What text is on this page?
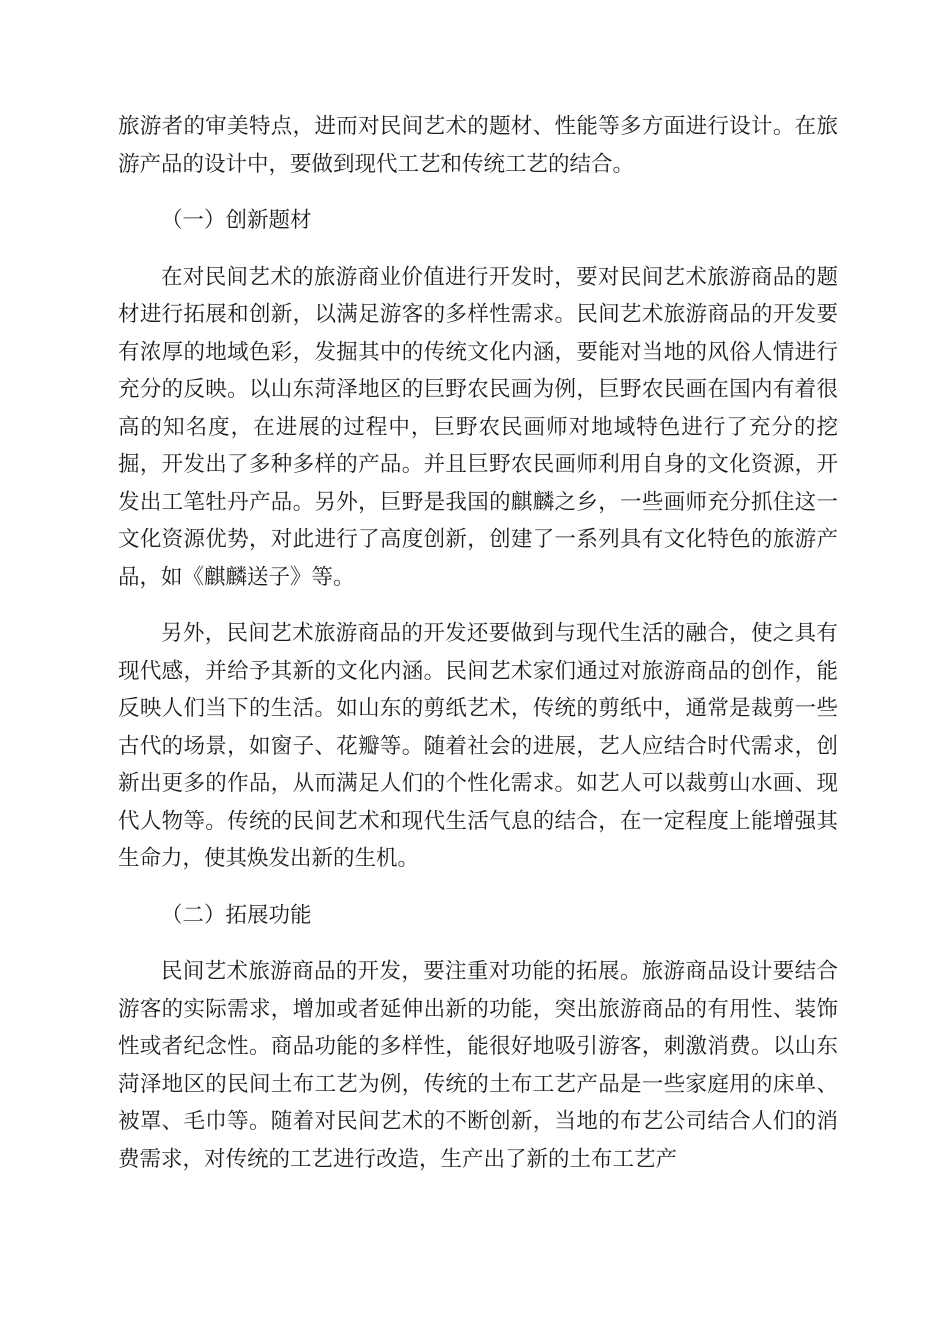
旅游者的审美特点，进而对民间艺术的题材、性能等多方面进行设计。在旅游产品的设计中，要做到现代工艺和传统工艺的结合。

（一）创新题材

在对民间艺术的旅游商业价值进行开发时，要对民间艺术旅游商品的题材进行拓展和创新，以满足游客的多样性需求。民间艺术旅游商品的开发要有浓厚的地域色彩，发掘其中的传统文化内涵，要能对当地的风俗人情进行充分的反映。以山东菏泽地区的巨野农民画为例，巨野农民画在国内有着很高的知名度，在进展的过程中，巨野农民画师对地域特色进行了充分的挖掘，开发出了多种多样的产品。并且巨野农民画师利用自身的文化资源，开发出工笔牡丹产品。另外，巨野是我国的麒麟之乡，一些画师充分抓住这一文化资源优势，对此进行了高度创新，创建了一系列具有文化特色的旅游产品，如《麒麟送子》等。

另外，民间艺术旅游商品的开发还要做到与现代生活的融合，使之具有现代感，并给予其新的文化内涵。民间艺术家们通过对旅游商品的创作，能反映人们当下的生活。如山东的剪纸艺术，传统的剪纸中，通常是裁剪一些古代的场景，如窗子、花瓣等。随着社会的进展，艺人应结合时代需求，创新出更多的作品，从而满足人们的个性化需求。如艺人可以裁剪山水画、现代人物等。传统的民间艺术和现代生活气息的结合，在一定程度上能增强其生命力，使其焕发出新的生机。

（二）拓展功能

民间艺术旅游商品的开发，要注重对功能的拓展。旅游商品设计要结合游客的实际需求，增加或者延伸出新的功能，突出旅游商品的有用性、装饰性或者纪念性。商品功能的多样性，能很好地吸引游客，刺激消费。以山东菏泽地区的民间土布工艺为例，传统的土布工艺产品是一些家庭用的床单、被罩、毛巾等。随着对民间艺术的不断创新，当地的布艺公司结合人们的消费需求，对传统的工艺进行改造，生产出了新的土布工艺产
